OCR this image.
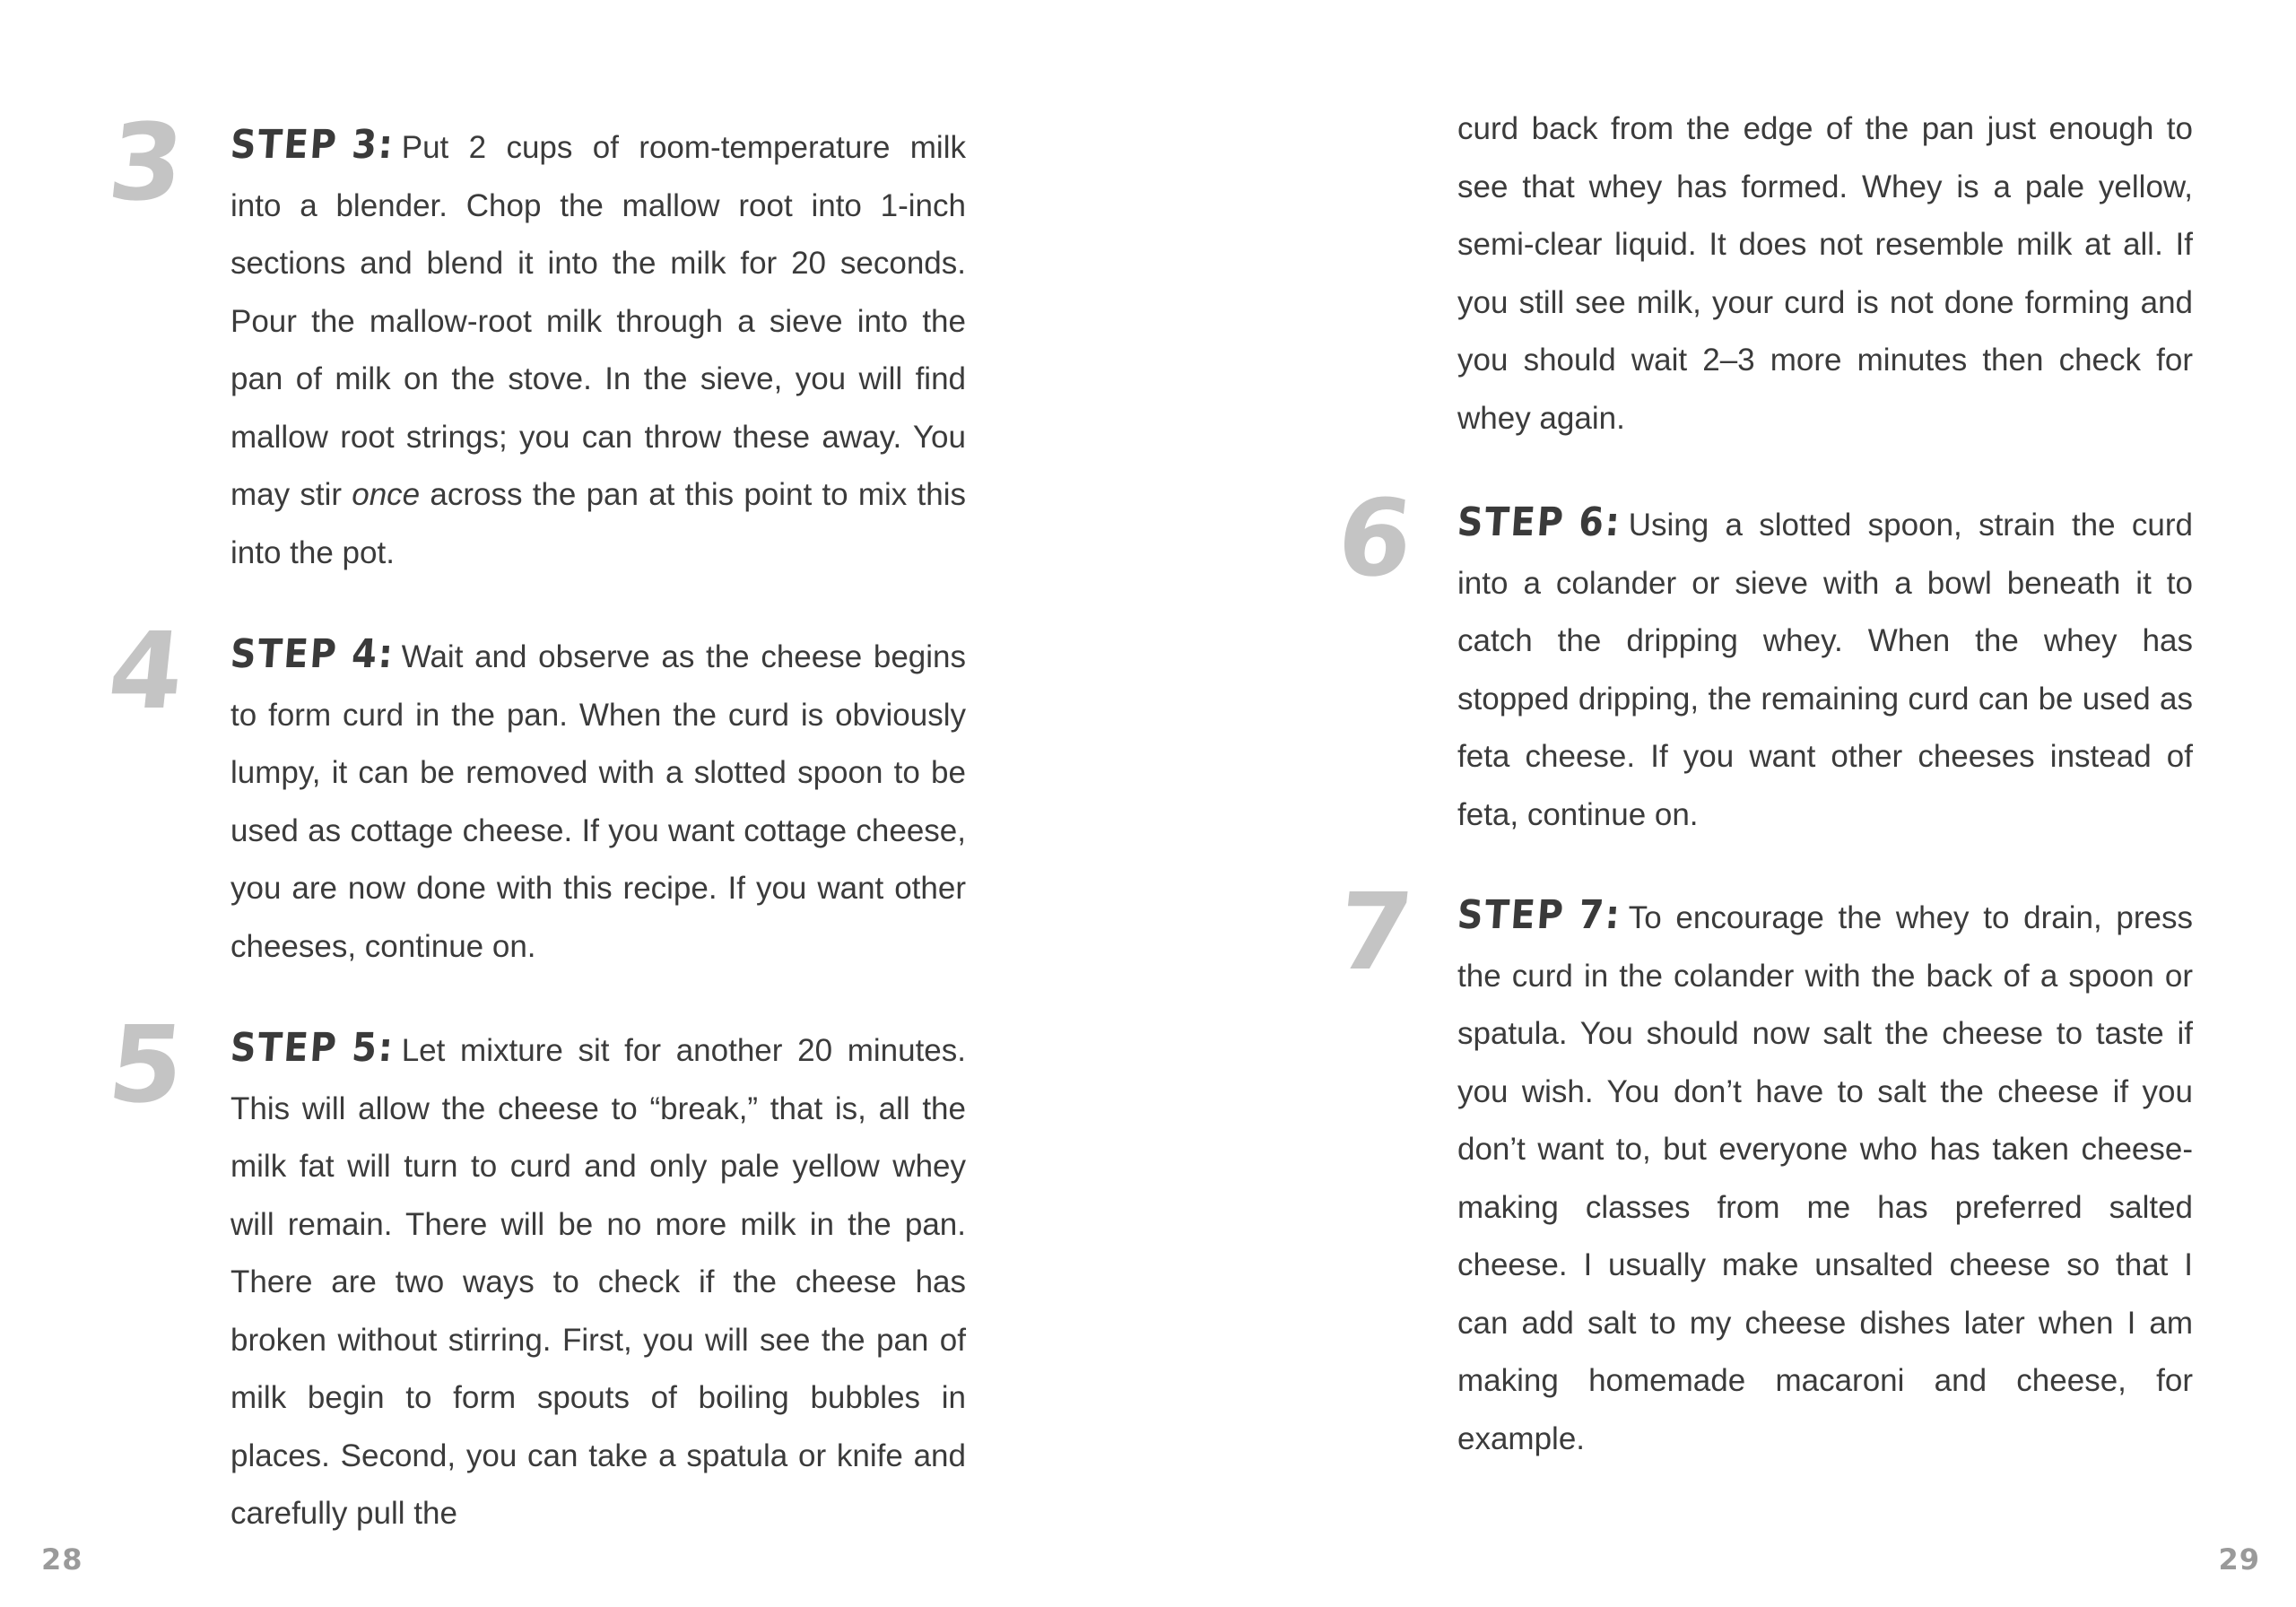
3 STEP 3: Put 2 cups of room-temperature milk into a blender. Chop the mallow root into 1-inch sections and blend it into the milk for 20 seconds. Pour the mallow-root milk through a sieve into the pan of milk on the stove. In the sieve, you will find mallow root strings; you can throw these away. You may stir once across the pan at this point to mix this into the pot.

4 STEP 4: Wait and observe as the cheese begins to form curd in the pan. When the curd is obviously lumpy, it can be removed with a slotted spoon to be used as cottage cheese. If you want cottage cheese, you are now done with this recipe. If you want other cheeses, continue on.

5 STEP 5: Let mixture sit for another 20 minutes. This will allow the cheese to “break,” that is, all the milk fat will turn to curd and only pale yellow whey will remain. There will be no more milk in the pan. There are two ways to check if the cheese has broken without stirring. First, you will see the pan of milk begin to form spouts of boiling bubbles in places. Second, you can take a spatula or knife and carefully pull the

28

curd back from the edge of the pan just enough to see that whey has formed. Whey is a pale yellow, semi-clear liquid. It does not resemble milk at all. If you still see milk, your curd is not done forming and you should wait 2–3 more minutes then check for whey again.

6 STEP 6: Using a slotted spoon, strain the curd into a colander or sieve with a bowl beneath it to catch the dripping whey. When the whey has stopped dripping, the remaining curd can be used as feta cheese. If you want other cheeses instead of feta, continue on.

7 STEP 7: To encourage the whey to drain, press the curd in the colander with the back of a spoon or spatula. You should now salt the cheese to taste if you wish. You don’t have to salt the cheese if you don’t want to, but everyone who has taken cheese-making classes from me has preferred salted cheese. I usually make unsalted cheese so that I can add salt to my cheese dishes later when I am making homemade macaroni and cheese, for example.

29
